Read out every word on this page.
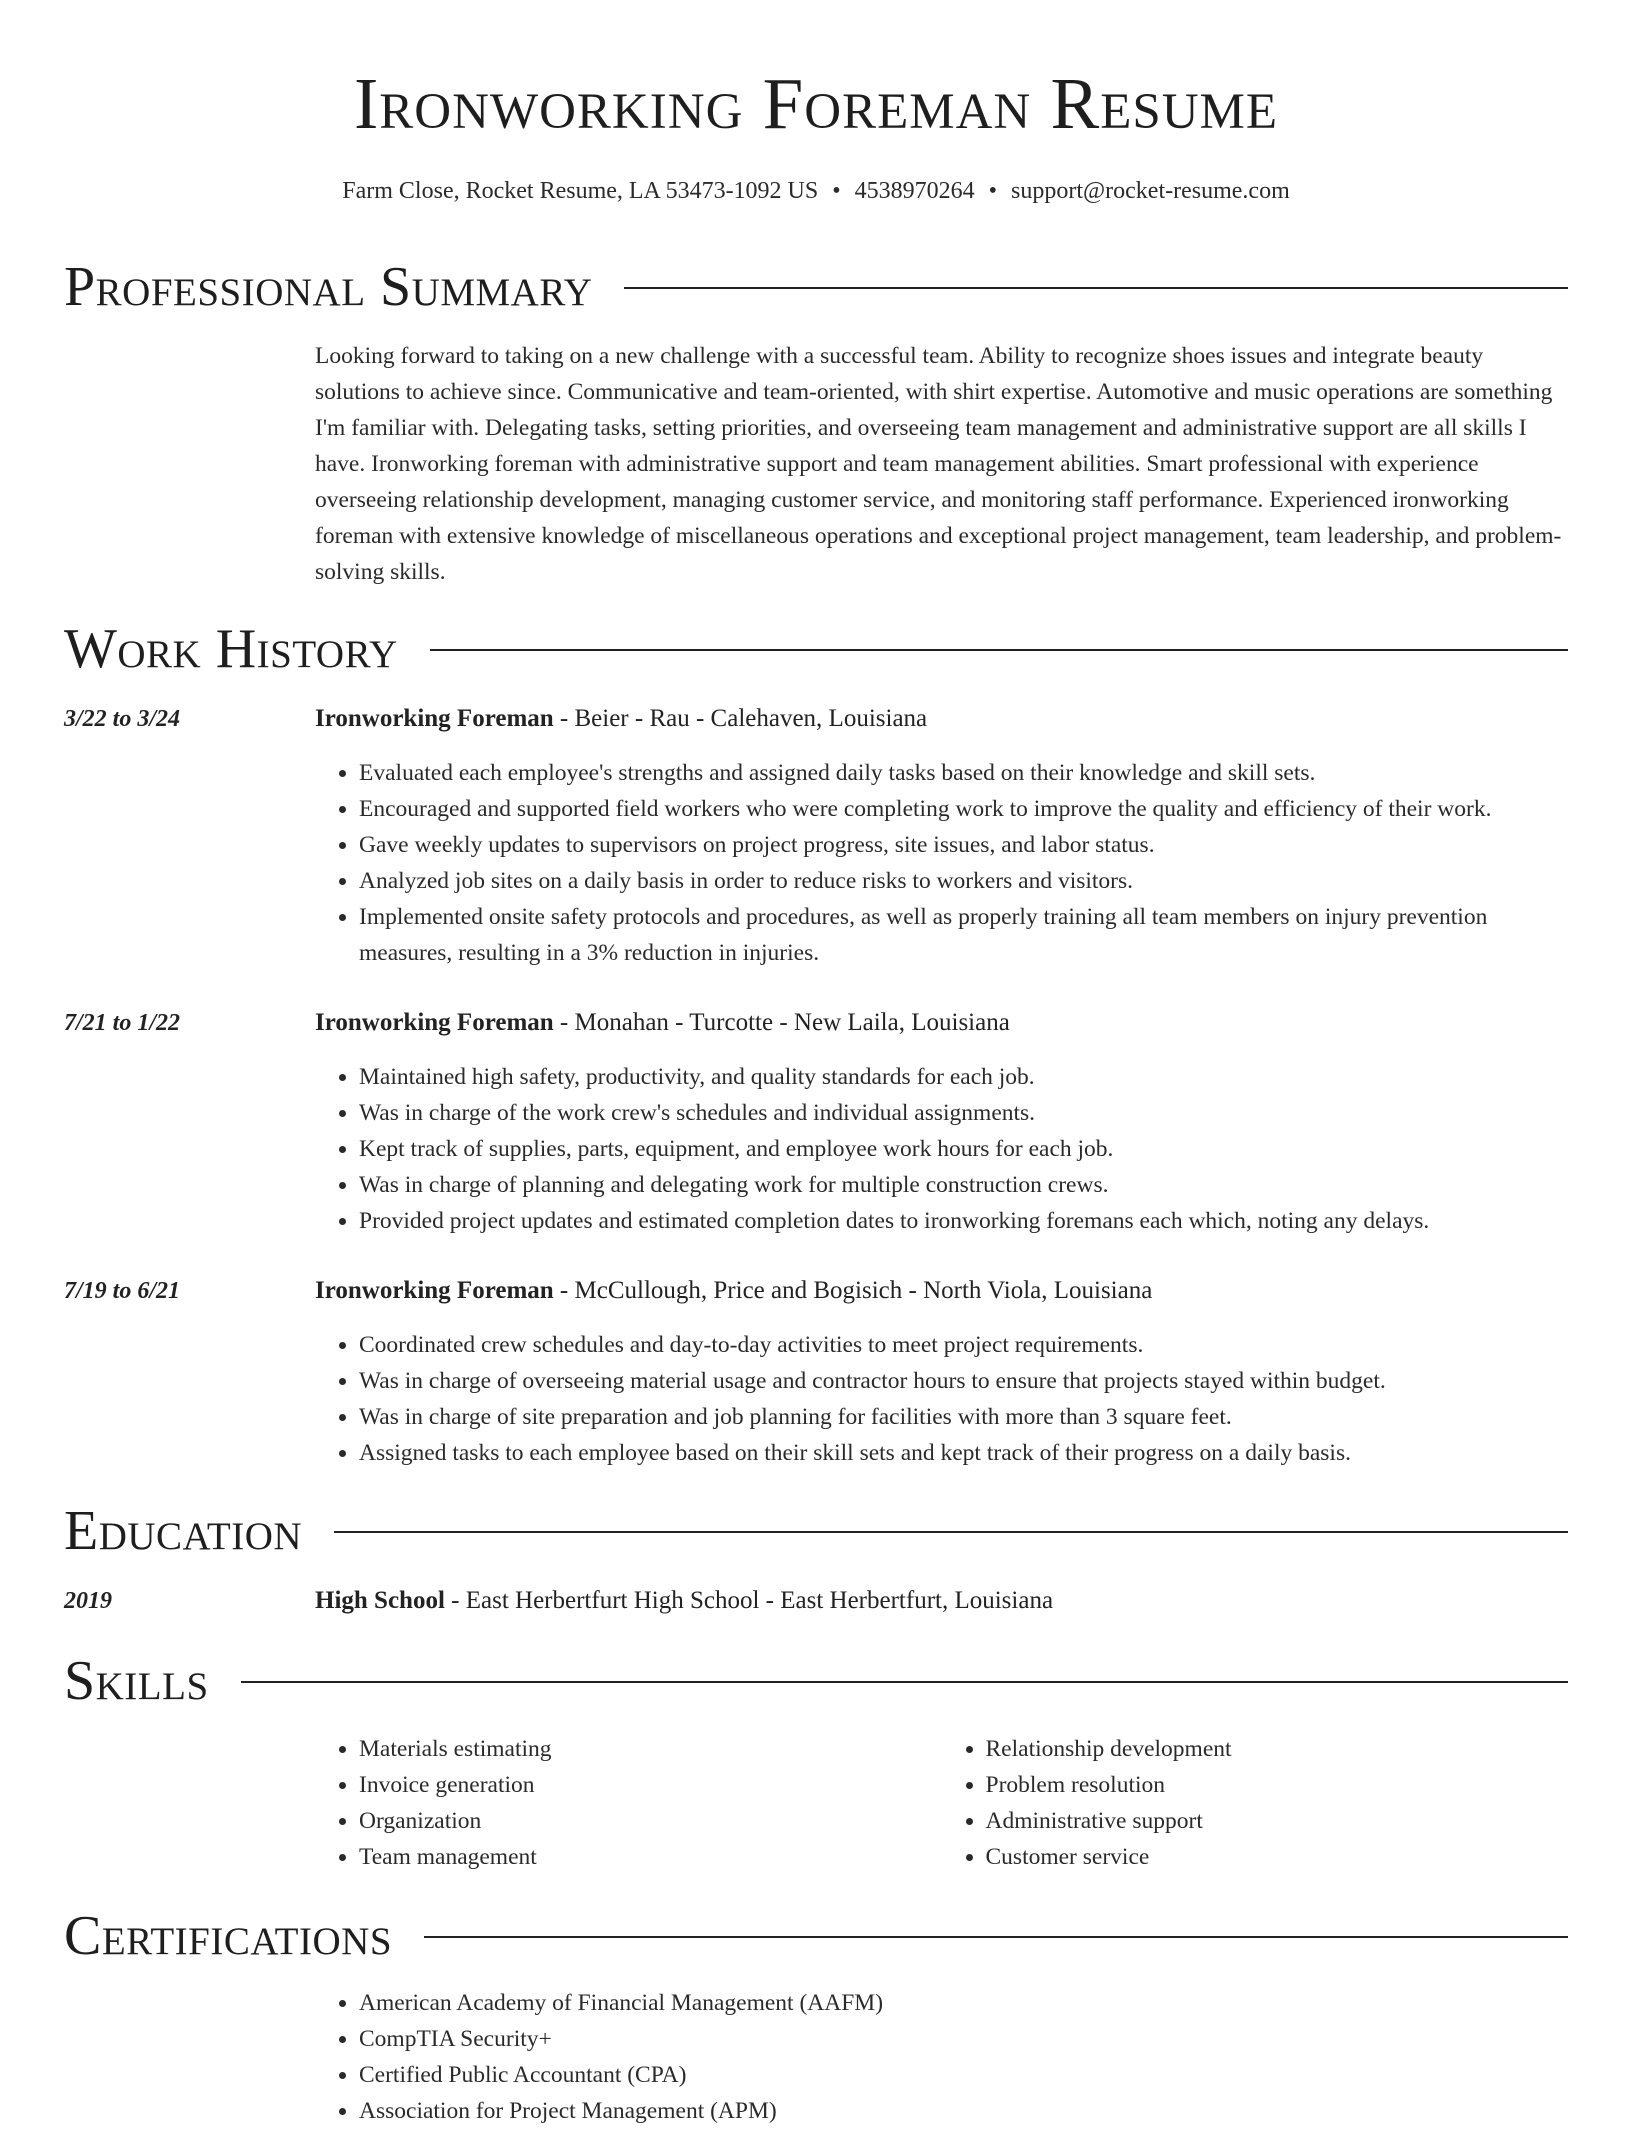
Ironworking Foreman Resume
Farm Close, Rocket Resume, LA 53473-1092 US • 4538970264 • support@rocket-resume.com
Professional Summary

Looking forward to taking on a new challenge with a successful team. Ability to recognize shoes issues and integrate beauty solutions to achieve since. Communicative and team-oriented, with shirt expertise. Automotive and music operations are something I'm familiar with. Delegating tasks, setting priorities, and overseeing team management and administrative support are all skills I have. Ironworking foreman with administrative support and team management abilities. Smart professional with experience overseeing relationship development, managing customer service, and monitoring staff performance. Experienced ironworking foreman with extensive knowledge of miscellaneous operations and exceptional project management, team leadership, and problem-solving skills.

Work History
3/22 to 3/24	Ironworking Foreman - Beier - Rau - Calehaven, Louisiana
• Evaluated each employee's strengths and assigned daily tasks based on their knowledge and skill sets.
• Encouraged and supported field workers who were completing work to improve the quality and efficiency of their work.
• Gave weekly updates to supervisors on project progress, site issues, and labor status.
• Analyzed job sites on a daily basis in order to reduce risks to workers and visitors.
• Implemented onsite safety protocols and procedures, as well as properly training all team members on injury prevention measures, resulting in a 3% reduction in injuries.
7/21 to 1/22	Ironworking Foreman - Monahan - Turcotte - New Laila, Louisiana
• Maintained high safety, productivity, and quality standards for each job.
• Was in charge of the work crew's schedules and individual assignments.
• Kept track of supplies, parts, equipment, and employee work hours for each job.
• Was in charge of planning and delegating work for multiple construction crews.
• Provided project updates and estimated completion dates to ironworking foremans each which, noting any delays.
7/19 to 6/21	Ironworking Foreman - McCullough, Price and Bogisich - North Viola, Louisiana
• Coordinated crew schedules and day-to-day activities to meet project requirements.
• Was in charge of overseeing material usage and contractor hours to ensure that projects stayed within budget.
• Was in charge of site preparation and job planning for facilities with more than 3 square feet.
• Assigned tasks to each employee based on their skill sets and kept track of their progress on a daily basis.
Education
2019	High School - East Herbertfurt High School - East Herbertfurt, Louisiana
Skills
• Materials estimating
• Invoice generation
• Organization
• Team management
• Relationship development
• Problem resolution
• Administrative support
• Customer service
Certifications
• American Academy of Financial Management (AAFM)
• CompTIA Security+
• Certified Public Accountant (CPA)
• Association for Project Management (APM)
